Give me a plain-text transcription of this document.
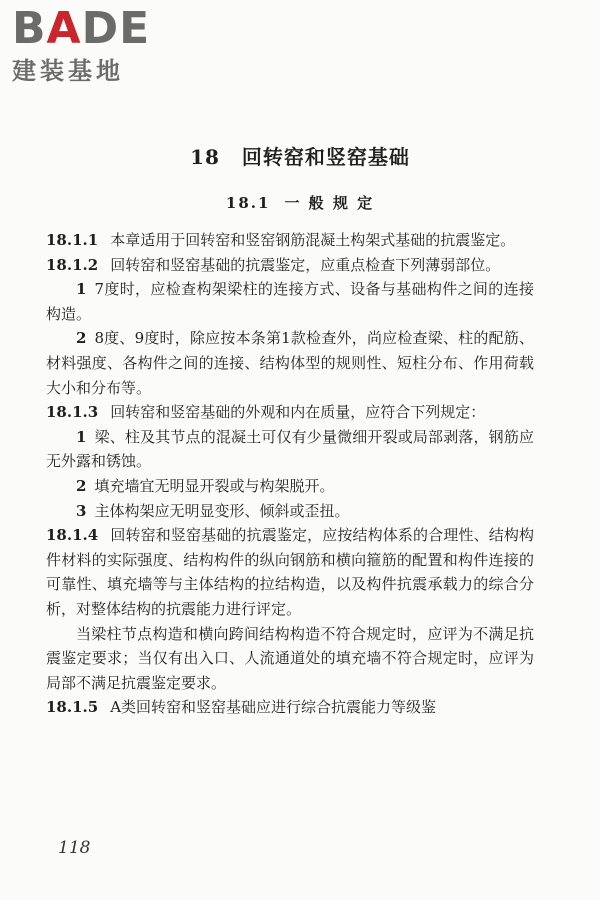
BADE
建装基地
18 回转窑和竖窑基础
18.1 一 般 规 定

18.1.1 本章适用于回转窑和竖窑钢筋混凝土构架式基础的抗震鉴定。

18.1.2 回转窑和竖窑基础的抗震鉴定，应重点检查下列薄弱部位。

1 7度时，应检查构架梁柱的连接方式、设备与基础构件之间的连接构造。

2 8度、9度时，除应按本条第1款检查外，尚应检查梁、柱的配筋、材料强度、各构件之间的连接、结构体型的规则性、短柱分布、作用荷载大小和分布等。

18.1.3 回转窑和竖窑基础的外观和内在质量，应符合下列规定：

1 梁、柱及其节点的混凝土可仅有少量微细开裂或局部剥落，钢筋应无外露和锈蚀。

2 填充墙宜无明显开裂或与构架脱开。

3 主体构架应无明显变形、倾斜或歪扭。

18.1.4 回转窑和竖窑基础的抗震鉴定，应按结构体系的合理性、结构构件材料的实际强度、结构构件的纵向钢筋和横向箍筋的配置和构件连接的可靠性、填充墙等与主体结构的拉结构造，以及构件抗震承载力的综合分析，对整体结构的抗震能力进行评定。

当梁柱节点构造和横向跨间结构构造不符合规定时，应评为不满足抗震鉴定要求；当仅有出入口、人流通道处的填充墙不符合规定时，应评为局部不满足抗震鉴定要求。

18.1.5 A类回转窑和竖窑基础应进行综合抗震能力等级鉴

118
